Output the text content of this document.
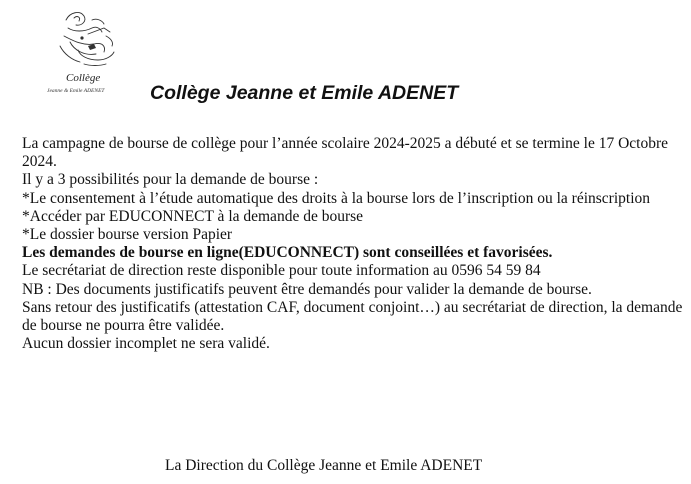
Collège
Jeanne & Emile ADENET Collège Jeanne et Emile ADENET

La campagne de bourse de collège pour l’année scolaire 2024-2025 a débuté et se termine le 17 Octobre 2024.

Il y a 3 possibilités pour la demande de bourse :

*Le consentement à l’étude automatique des droits à la bourse lors de l’inscription ou la réinscription

*Accéder par EDUCONNECT à la demande de bourse

*Le dossier bourse version Papier

Les demandes de bourse en ligne(EDUCONNECT) sont conseillées et favorisées.

Le secrétariat de direction reste disponible pour toute information au 0596 54 59 84

NB : Des documents justificatifs peuvent être demandés pour valider la demande de bourse.

Sans retour des justificatifs (attestation CAF, document conjoint…) au secrétariat de direction, la demande de bourse ne pourra être validée.

Aucun dossier incomplet ne sera validé.

La Direction du Collège Jeanne et Emile ADENET
